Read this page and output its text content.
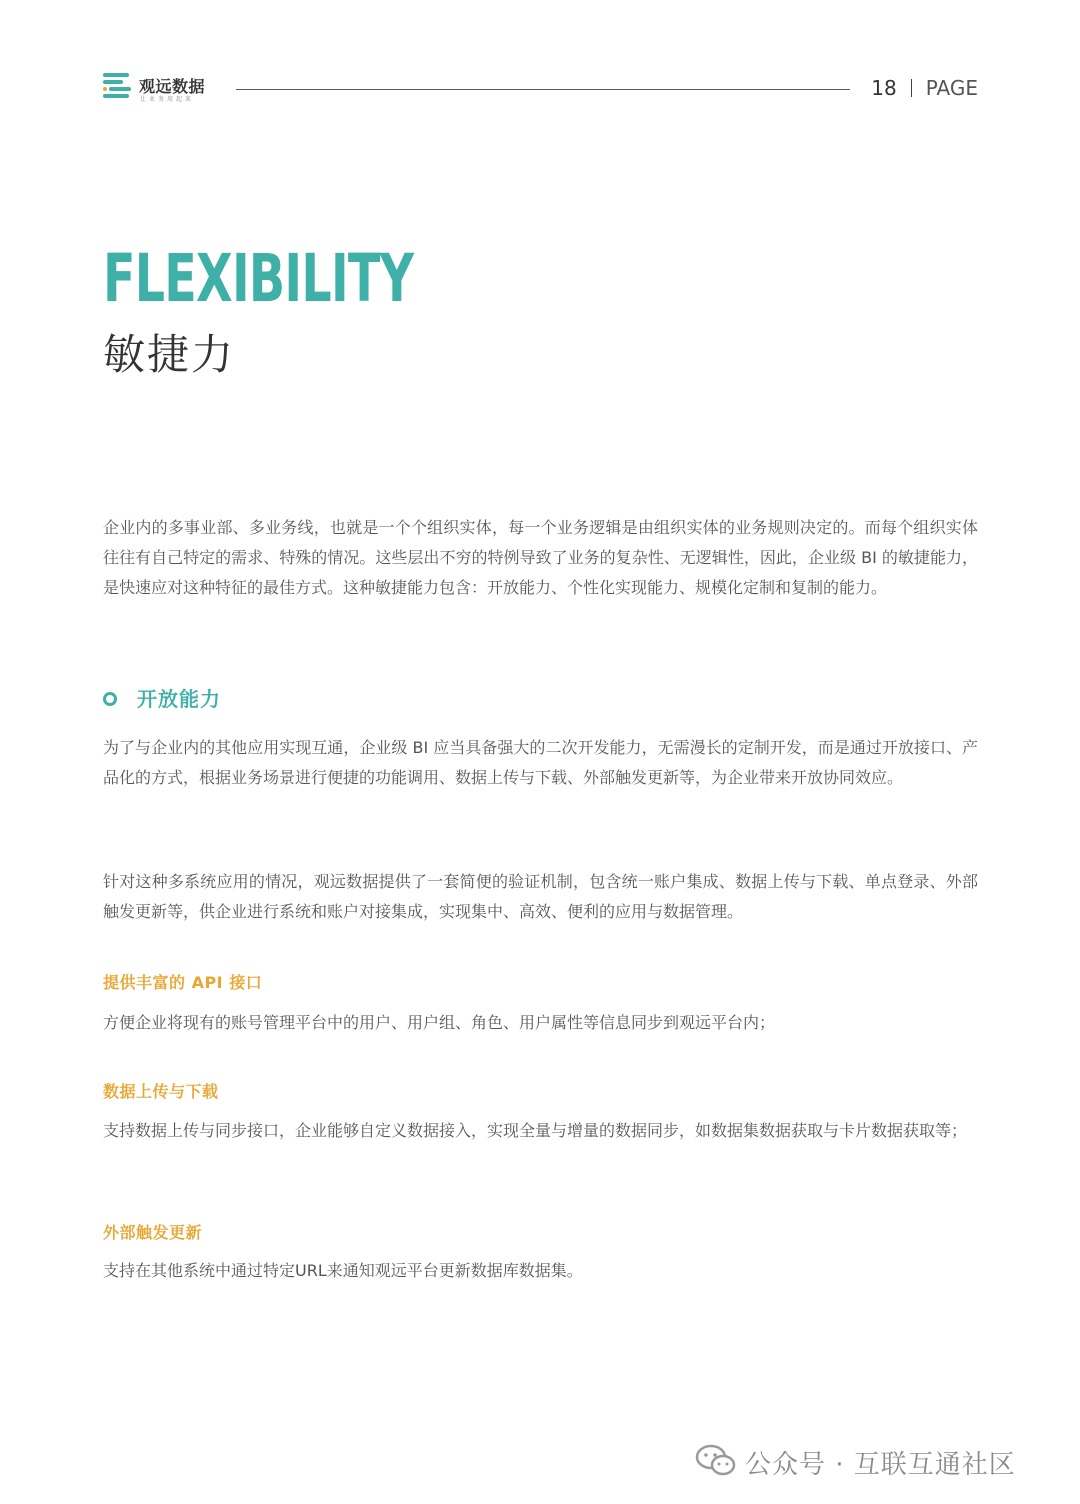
观远数据
让业务用起来	18 PAGE
FLEXIBILITY
敏捷力

企业内的多事业部、多业务线，也就是一个个组织实体，每一个业务逻辑是由组织实体的业务规则决定的。而每个组织实体往往有自己特定的需求、特殊的情况。这些层出不穷的特例导致了业务的复杂性、无逻辑性，因此，企业级 BI 的敏捷能力，是快速应对这种特征的最佳方式。这种敏捷能力包含：开放能力、个性化实现能力、规模化定制和复制的能力。

开放能力

为了与企业内的其他应用实现互通，企业级 BI 应当具备强大的二次开发能力，无需漫长的定制开发，而是通过开放接口、产品化的方式，根据业务场景进行便捷的功能调用、数据上传与下载、外部触发更新等，为企业带来开放协同效应。

针对这种多系统应用的情况，观远数据提供了一套简便的验证机制，包含统一账户集成、数据上传与下载、单点登录、外部触发更新等，供企业进行系统和账户对接集成，实现集中、高效、便利的应用与数据管理。

提供丰富的 API 接口

方便企业将现有的账号管理平台中的用户、用户组、角色、用户属性等信息同步到观远平台内；

数据上传与下载

支持数据上传与同步接口，企业能够自定义数据接入，实现全量与增量的数据同步，如数据集数据获取与卡片数据获取等；

外部触发更新

支持在其他系统中通过特定URL来通知观远平台更新数据库数据集。

公众号 · 互联互通社区
